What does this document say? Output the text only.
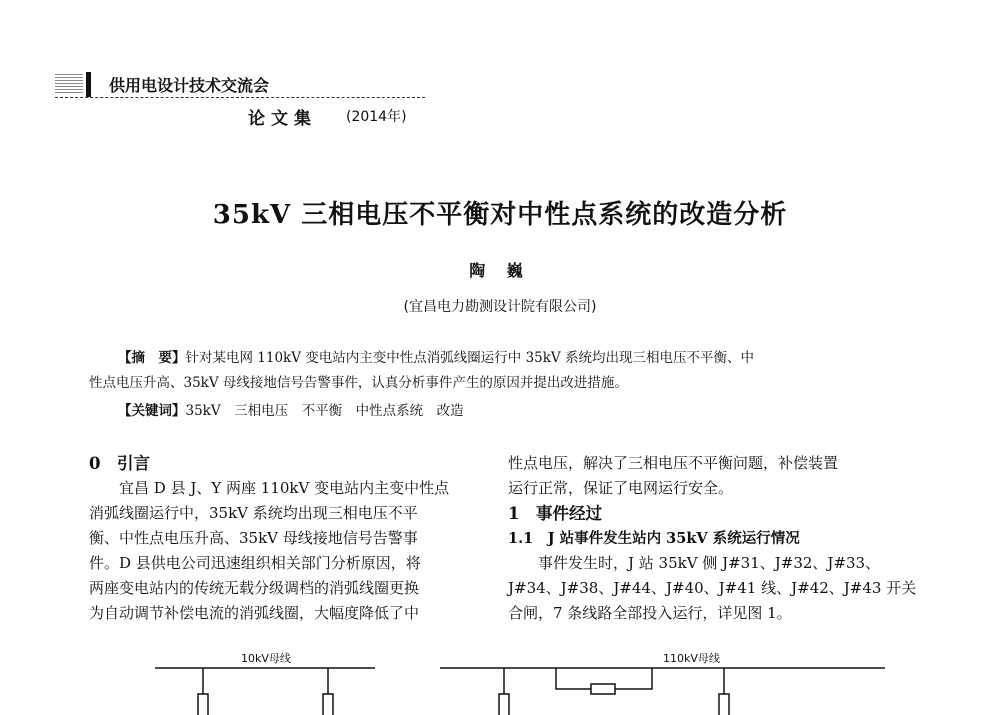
供用电设计技术交流会
论文集 (2014年)
35kV 三相电压不平衡对中性点系统的改造分析
陶 巍
(宜昌电力勘测设计院有限公司)
【摘　要】针对某电网 110kV 变电站内主变中性点消弧线圈运行中 35kV 系统均出现三相电压不平衡、中
性点电压升高、35kV 母线接地信号告警事件，认真分析事件产生的原因并提出改进措施。
【关键词】35kV　三相电压　不平衡　中性点系统　改造

0　引言

宜昌 D 县 J、Y 两座 110kV 变电站内主变中性点

消弧线圈运行中，35kV 系统均出现三相电压不平

衡、中性点电压升高、35kV 母线接地信号告警事

件。D 县供电公司迅速组织相关部门分析原因，将

两座变电站内的传统无载分级调档的消弧线圈更换

为自动调节补偿电流的消弧线圈，大幅度降低了中

性点电压，解决了三相电压不平衡问题，补偿装置

运行正常，保证了电网运行安全。

1　事件经过

1.1　J 站事件发生站内 35kV 系统运行情况

事件发生时，J 站 35kV 侧 J#31、J#32、J#33、

J#34、J#38、J#44、J#40、J#41 线、J#42、J#43 开关

合闸，7 条线路全部投入运行，详见图 1。

10kV母线	110kV母线
